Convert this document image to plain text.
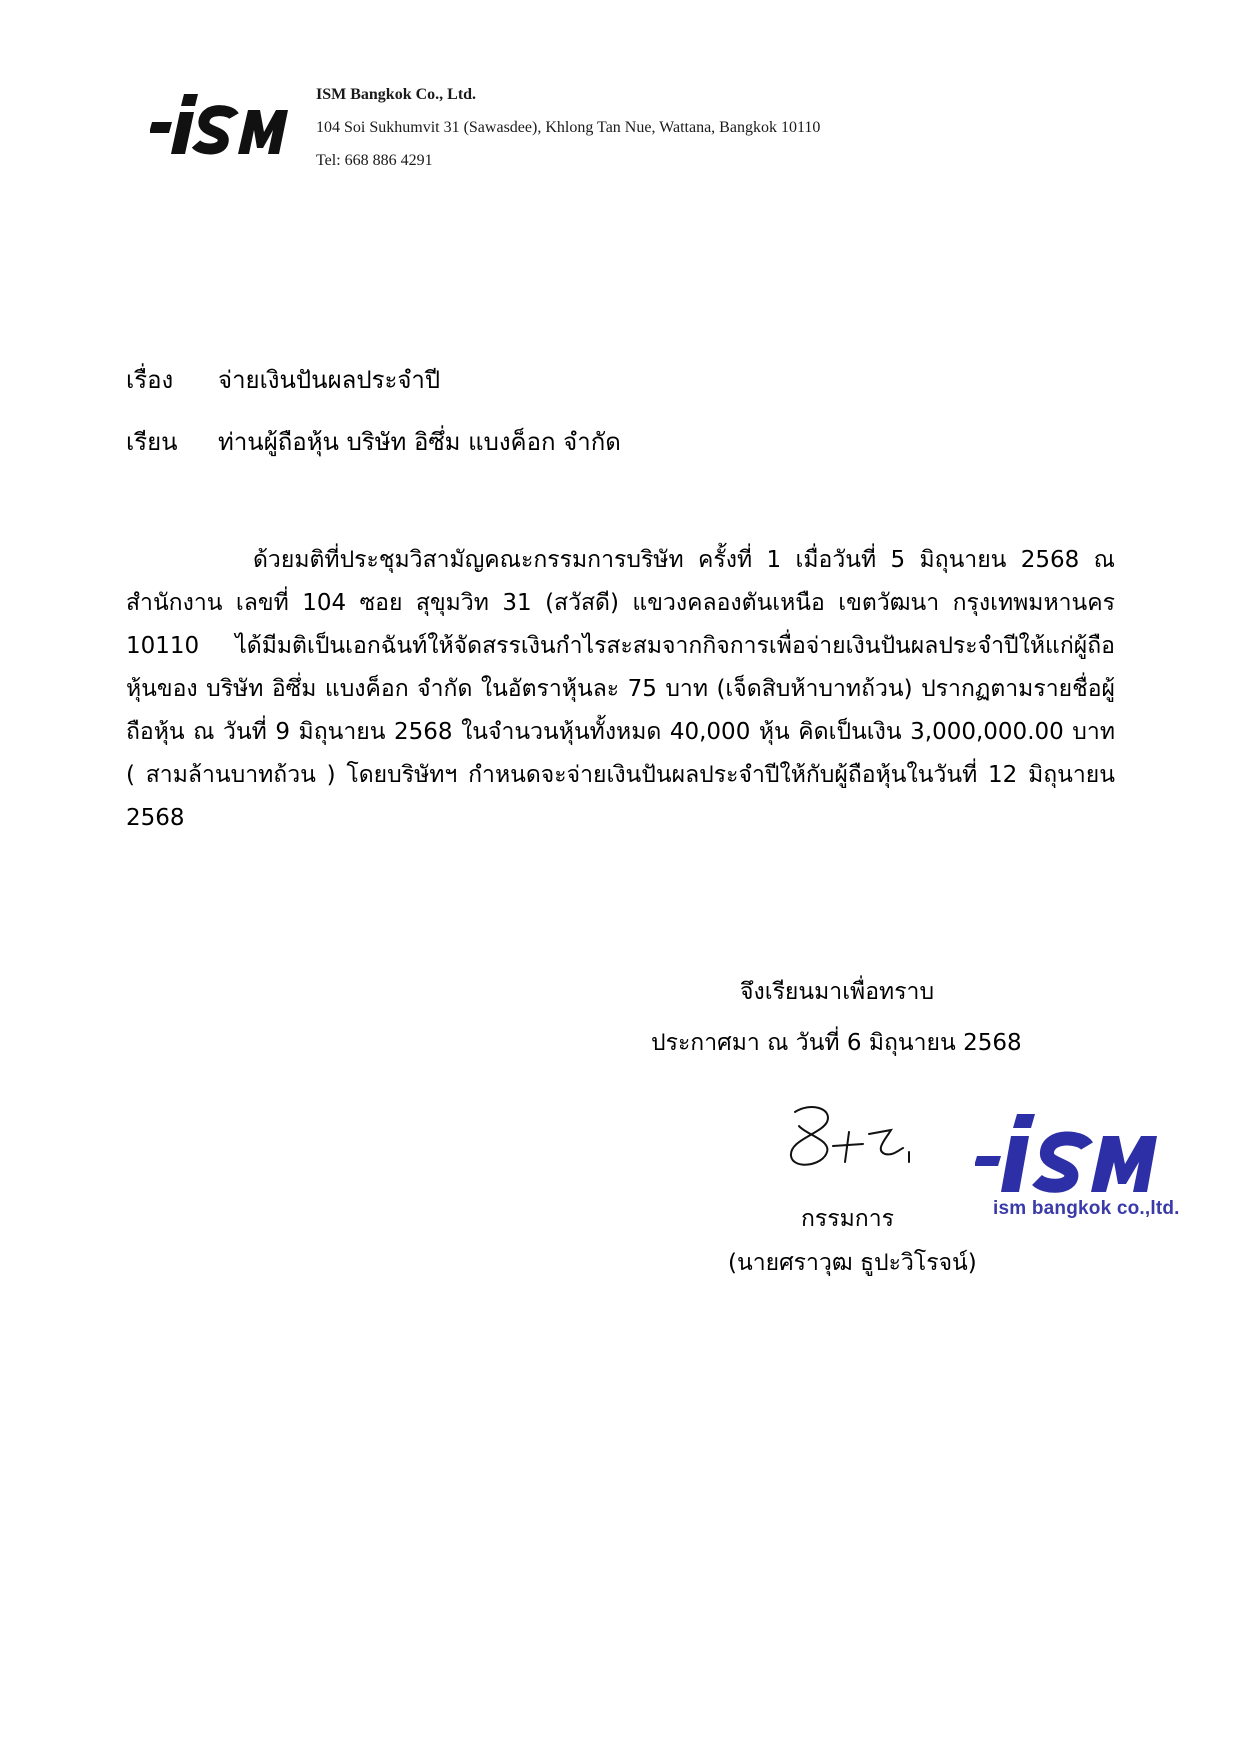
ISM Bangkok Co., Ltd.
104 Soi Sukhumvit 31 (Sawasdee), Khlong Tan Nue, Wattana, Bangkok 10110
Tel: 668 886 4291
เรื่อง จ่ายเงินปันผลประจำปี
เรียน ท่านผู้ถือหุ้น บริษัท อิซึ่ม แบงค็อก จำกัด
ด้วยมติที่ประชุมวิสามัญคณะกรรมการบริษัท ครั้งที่ 1 เมื่อวันที่ 5 มิถุนายน 2568 ณ สำนักงาน เลขที่ 104 ซอย สุขุมวิท 31 (สวัสดี) แขวงคลองตันเหนือ เขตวัฒนา กรุงเทพมหานคร 10110 ได้มีมติเป็นเอกฉันท์ให้จัดสรรเงินกำไรสะสมจากกิจการเพื่อจ่ายเงินปันผลประจำปีให้แก่ผู้ถือหุ้นของ บริษัท อิซึ่ม แบงค็อก จำกัด ในอัตราหุ้นละ 75 บาท (เจ็ดสิบห้าบาทถ้วน) ปรากฏตามรายชื่อผู้ถือหุ้น ณ วันที่ 9 มิถุนายน 2568 ในจำนวนหุ้นทั้งหมด 40,000 หุ้น คิดเป็นเงิน 3,000,000.00 บาท ( สามล้านบาทถ้วน ) โดยบริษัทฯ กำหนดจะจ่ายเงินปันผลประจำปีให้กับผู้ถือหุ้นในวันที่ 12 มิถุนายน 2568
จึงเรียนมาเพื่อทราบ
ประกาศมา ณ วันที่ 6 มิถุนายน 2568
กรรมการ
(นายศราวุฒ ธูปะวิโรจน์)
ism bangkok co.,ltd.
